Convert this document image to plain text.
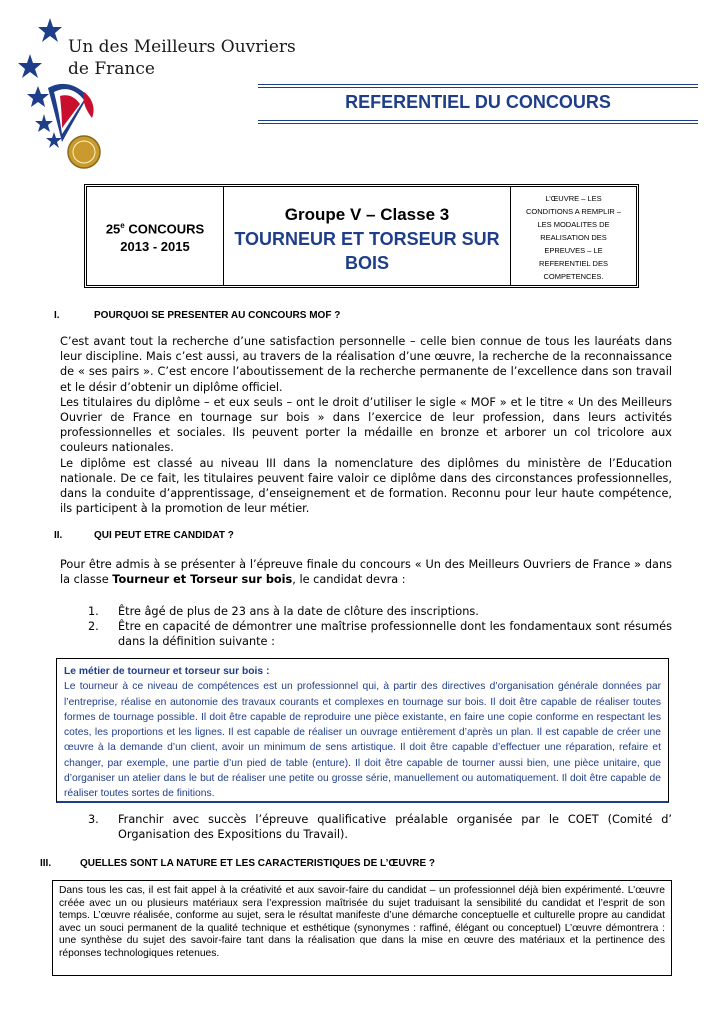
Un des Meilleurs Ouvriers
de France
REFERENTIEL DU CONCOURS
25e CONCOURS
2013 - 2015
Groupe V – Classe 3
TOURNEUR ET TORSEUR SUR
BOIS
L’ŒUVRE – LES
CONDITIONS A REMPLIR –
LES MODALITES DE
REALISATION DES
EPREUVES – LE
REFERENTIEL DES
COMPETENCES.
I.	POURQUOI SE PRESENTER AU CONCOURS MOF ?

C’est avant tout la recherche d’une satisfaction personnelle – celle bien connue de tous les lauréats dans leur discipline. Mais c’est aussi, au travers de la réalisation d’une œuvre, la recherche de la reconnaissance de « ses pairs ». C’est encore l’aboutissement de la recherche permanente de l’excellence dans son travail et le désir d’obtenir un diplôme officiel.

Les titulaires du diplôme – et eux seuls – ont le droit d’utiliser le sigle « MOF » et le titre « Un des Meilleurs Ouvrier de France en tournage sur bois » dans l’exercice de leur profession, dans leurs activités professionnelles et sociales. Ils peuvent porter la médaille en bronze et arborer un col tricolore aux couleurs nationales.

Le diplôme est classé au niveau III dans la nomenclature des diplômes du ministère de l’Education nationale. De ce fait, les titulaires peuvent faire valoir ce diplôme dans des circonstances professionnelles, dans la conduite d’apprentissage, d’enseignement et de formation. Reconnu pour leur haute compétence, ils participent à la promotion de leur métier.

II.	QUI PEUT ETRE CANDIDAT ?

Pour être admis à se présenter à l’épreuve finale du concours « Un des Meilleurs Ouvriers de France » dans la classe Tourneur et Torseur sur bois, le candidat devra :

1. Être âgé de plus de 23 ans à la date de clôture des inscriptions.
2. Être en capacité de démontrer une maîtrise professionnelle dont les fondamentaux sont résumés dans la définition suivante :
Le métier de tourneur et torseur sur bois :
Le tourneur à ce niveau de compétences est un professionnel qui, à partir des directives d’organisation générale données par l’entreprise, réalise en autonomie des travaux courants et complexes en tournage sur bois. Il doit être capable de réaliser toutes formes de tournage possible. Il doit être capable de reproduire une pièce existante, en faire une copie conforme en respectant les cotes, les proportions et les lignes. Il est capable de réaliser un ouvrage entièrement d’après un plan. Il est capable de créer une œuvre à la demande d’un client, avoir un minimum de sens artistique. Il doit être capable d’effectuer une réparation, refaire et changer, par exemple, une partie d’un pied de table (enture). Il doit être capable de tourner aussi bien, une pièce unitaire, que d’organiser un atelier dans le but de réaliser une petite ou grosse série, manuellement ou automatiquement. Il doit être capable de réaliser toutes sortes de finitions.
3. Franchir avec succès l’épreuve qualificative préalable organisée par le COET (Comité d’ Organisation des Expositions du Travail).
III.	QUELLES SONT LA NATURE ET LES CARACTERISTIQUES DE L’ŒUVRE ?
Dans tous les cas, il est fait appel à la créativité et aux savoir-faire du candidat – un professionnel déjà bien expérimenté. L’œuvre créée avec un ou plusieurs matériaux sera l’expression maîtrisée du sujet traduisant la sensibilité du candidat et l’esprit de son temps. L’œuvre réalisée, conforme au sujet, sera le résultat manifeste d’une démarche conceptuelle et culturelle propre au candidat avec un souci permanent de la qualité technique et esthétique (synonymes : raffiné, élégant ou conceptuel) L’œuvre démontrera : une synthèse du sujet des savoir-faire tant dans la réalisation que dans la mise en œuvre des matériaux et la pertinence des réponses technologiques retenues.
